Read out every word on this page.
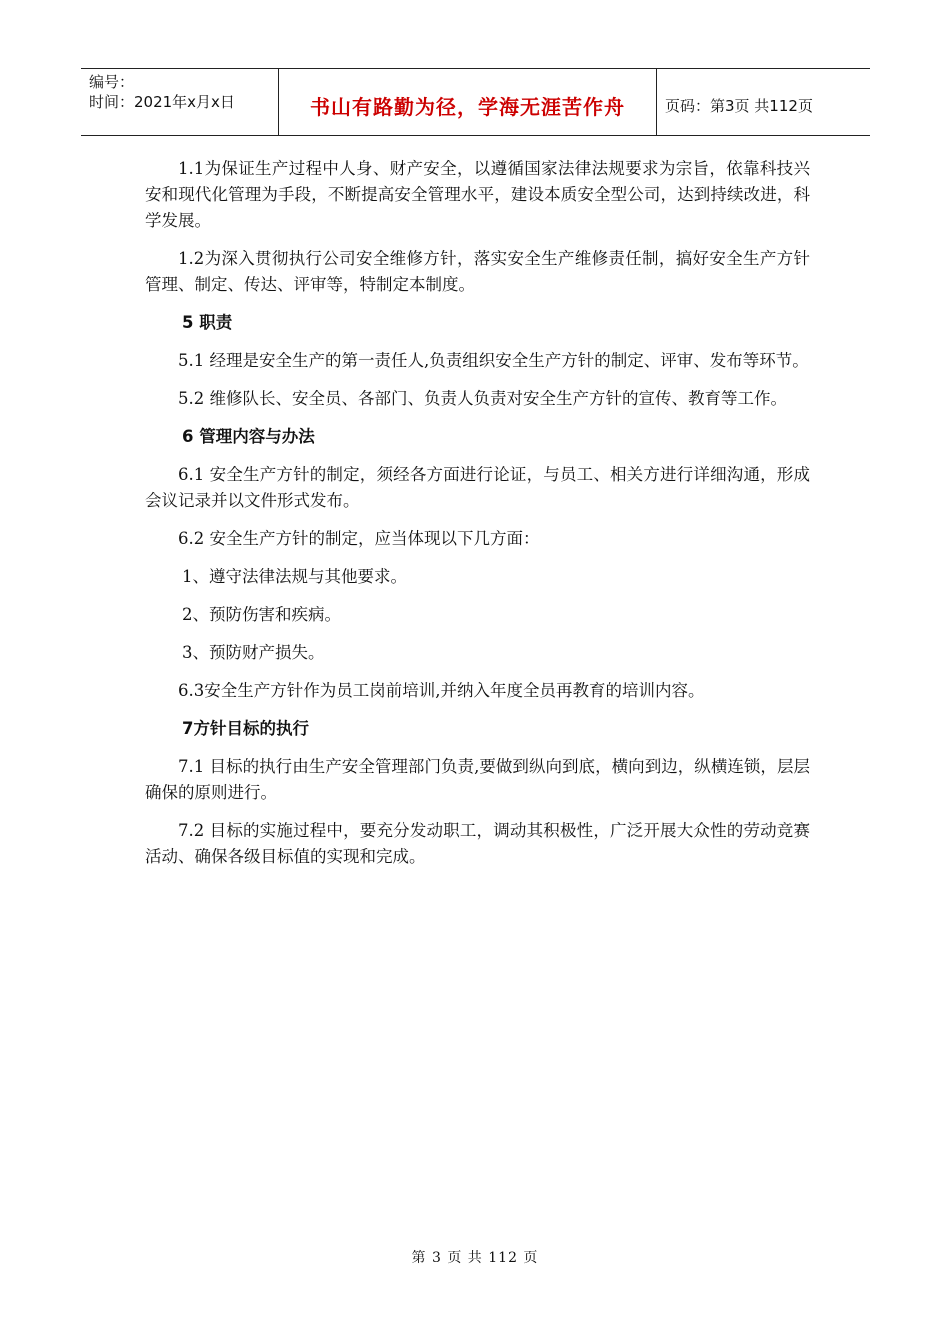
编号：
时间：2021年x月x日	书山有路勤为径，学海无涯苦作舟	页码：第3页 共112页

1.1为保证生产过程中人身、财产安全，以遵循国家法律法规要求为宗旨，依靠科技兴安和现代化管理为手段，不断提高安全管理水平，建设本质安全型公司，达到持续改进，科学发展。

1.2为深入贯彻执行公司安全维修方针，落实安全生产维修责任制，搞好安全生产方针管理、制定、传达、评审等，特制定本制度。

5 职责

5.1 经理是安全生产的第一责任人,负责组织安全生产方针的制定、评审、发布等环节。

5.2 维修队长、安全员、各部门、负责人负责对安全生产方针的宣传、教育等工作。

6 管理内容与办法

6.1 安全生产方针的制定，须经各方面进行论证，与员工、相关方进行详细沟通，形成会议记录并以文件形式发布。

6.2 安全生产方针的制定，应当体现以下几方面：

1、遵守法律法规与其他要求。

2、预防伤害和疾病。

3、预防财产损失。

6.3安全生产方针作为员工岗前培训,并纳入年度全员再教育的培训内容。

7方针目标的执行

7.1 目标的执行由生产安全管理部门负责,要做到纵向到底，横向到边，纵横连锁，层层确保的原则进行。

7.2 目标的实施过程中，要充分发动职工，调动其积极性，广泛开展大众性的劳动竞赛活动、确保各级目标值的实现和完成。

第 3 页 共 112 页
